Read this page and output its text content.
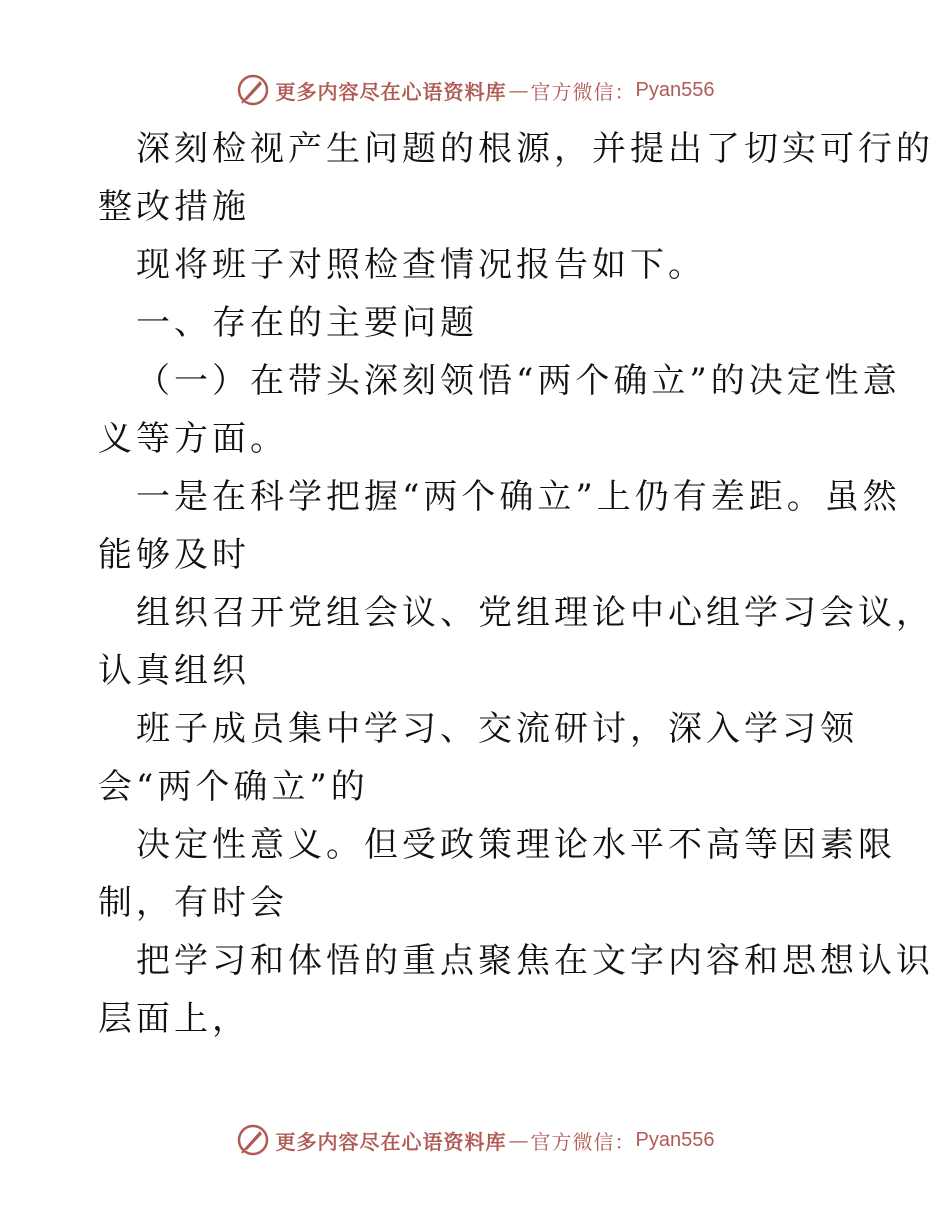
更多内容尽在心语资料库 — 官方微信： Pyan556
深刻检视产生问题的根源，并提出了切实可行的
整改措施
现将班子对照检查情况报告如下。
一、存在的主要问题
（一）在带头深刻领悟“两个确立”的决定性意
义等方面。
一是在科学把握“两个确立”上仍有差距。虽然
能够及时
组织召开党组会议、党组理论中心组学习会议，
认真组织
班子成员集中学习、交流研讨，深入学习领
会“两个确立”的
决定性意义。但受政策理论水平不高等因素限
制，有时会
把学习和体悟的重点聚焦在文字内容和思想认识
层面上，
更多内容尽在心语资料库 — 官方微信： Pyan556
